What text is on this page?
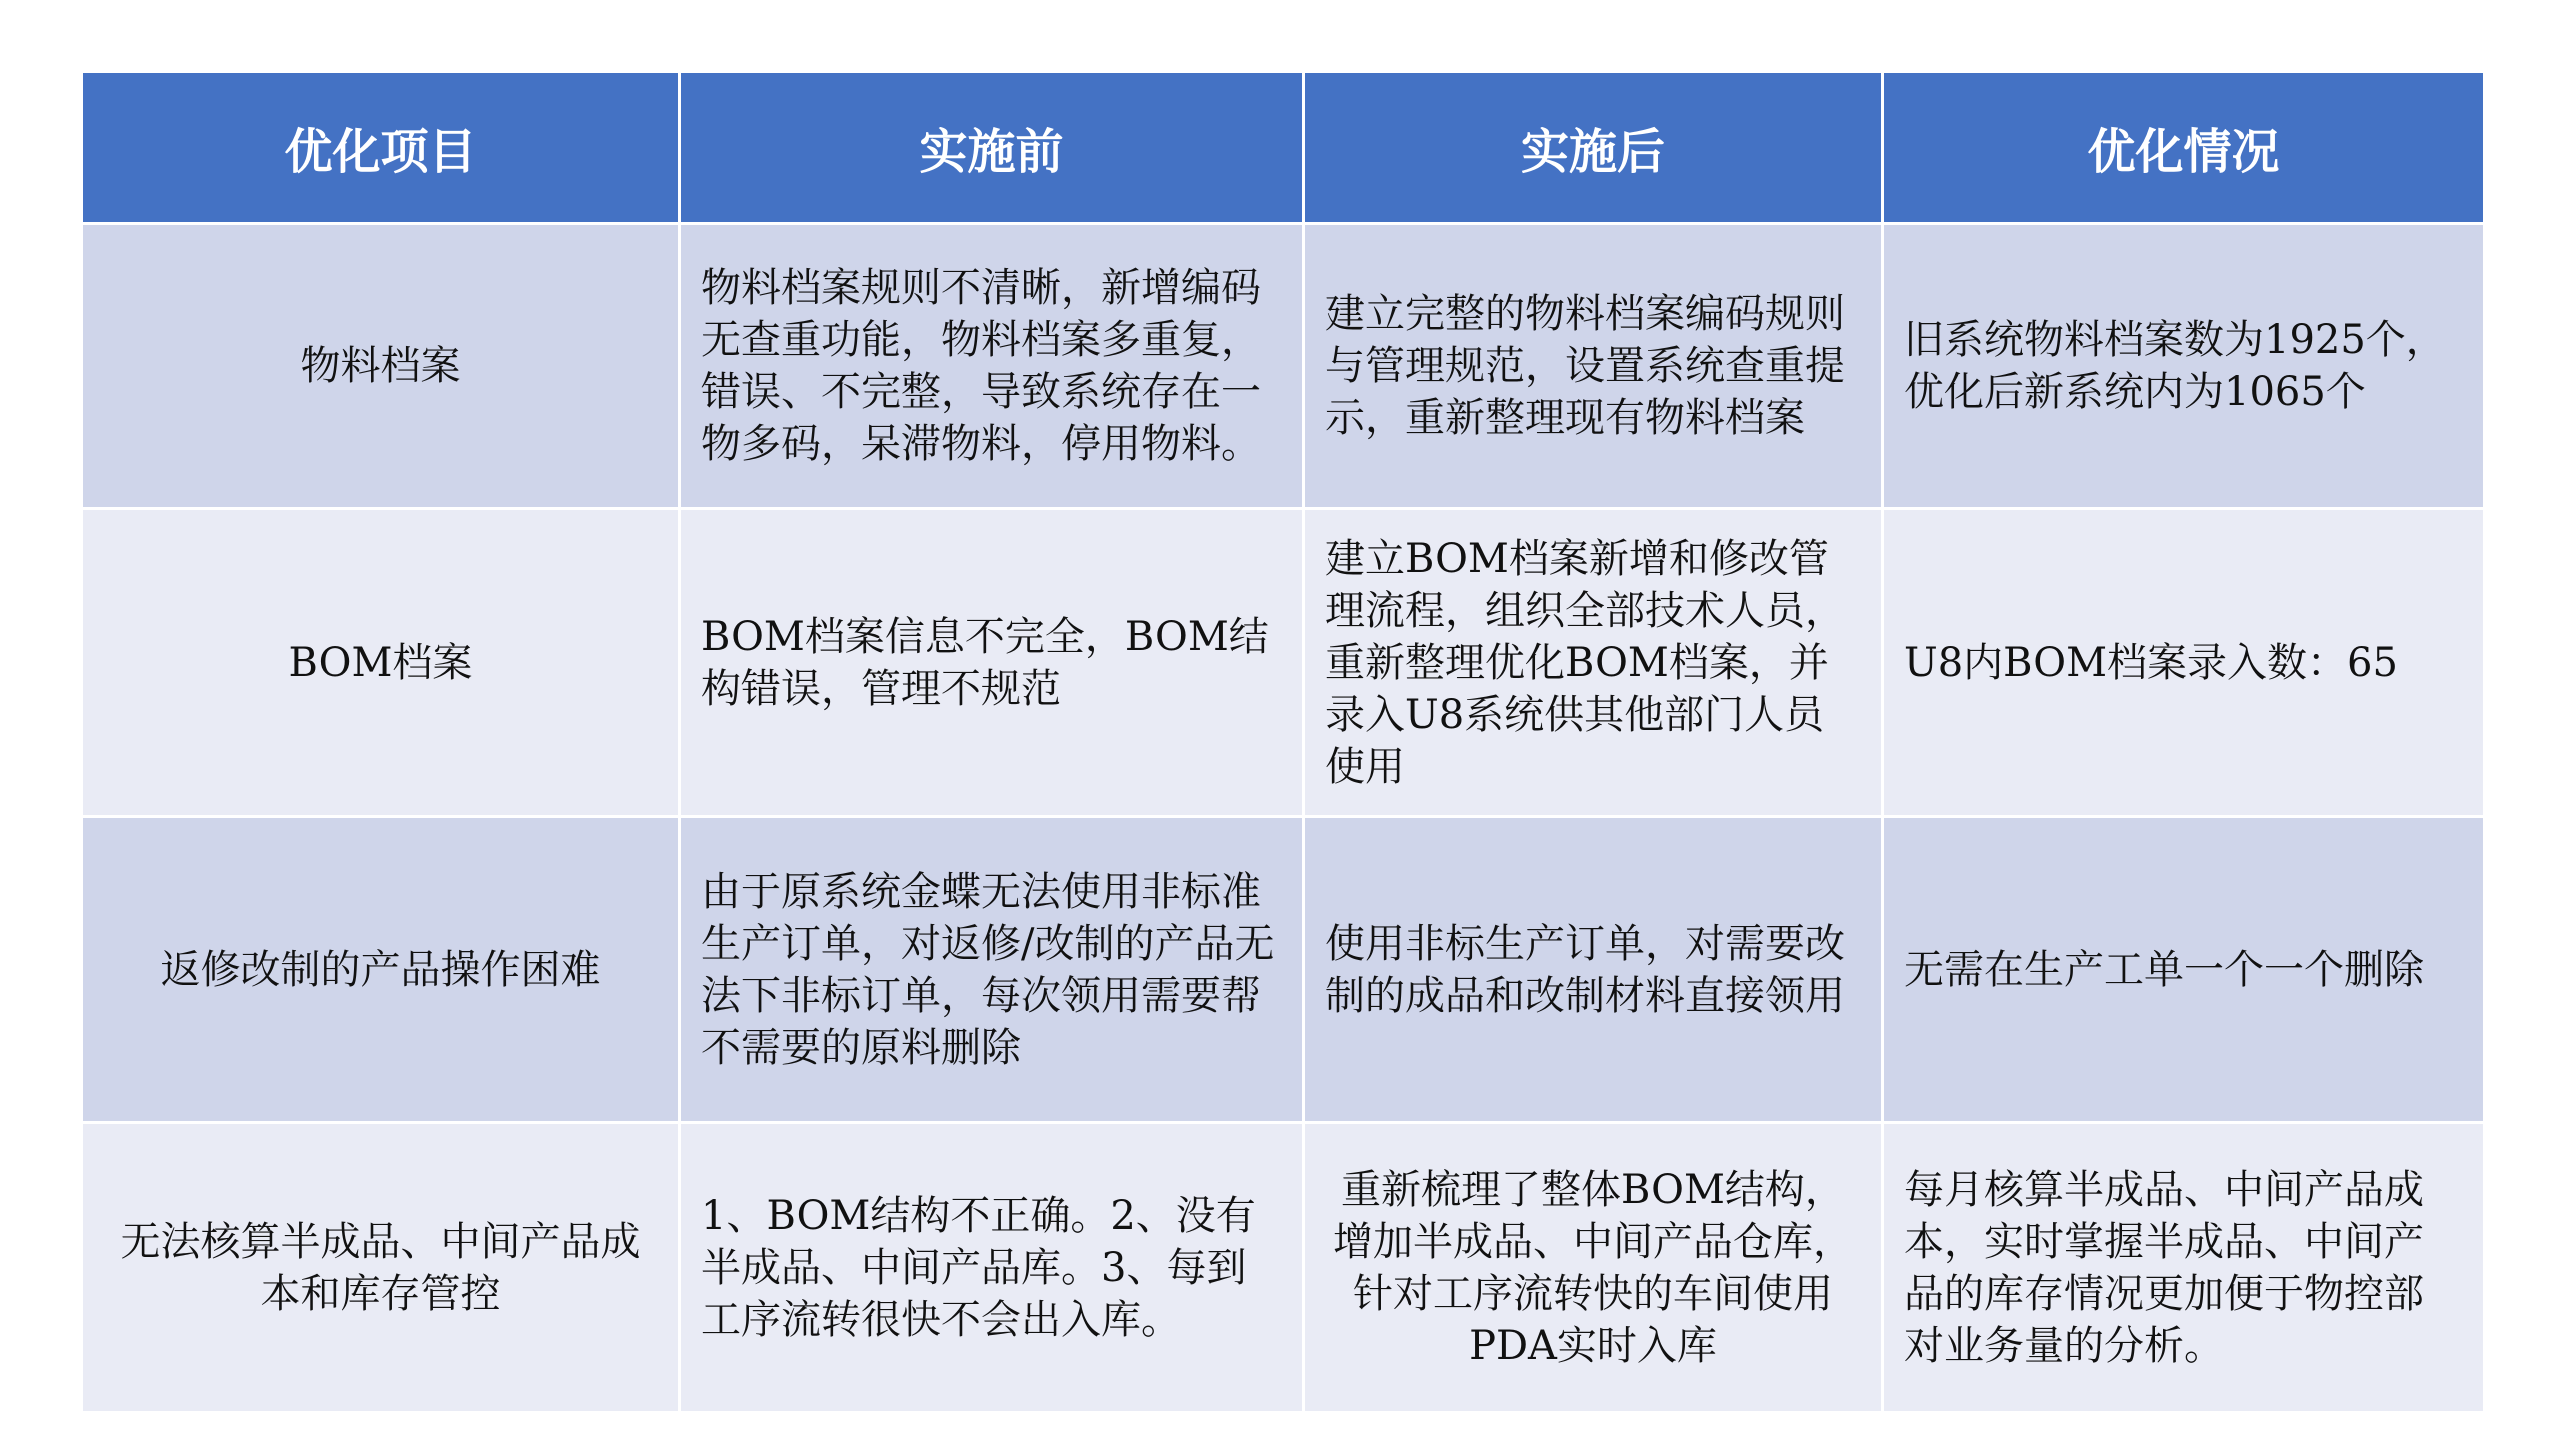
优化项目	实施前	实施后	优化情况
物料档案	物料档案规则不清晰，新增编码无查重功能，物料档案多重复，错误、不完整，导致系统存在一物多码，呆滞物料，停用物料。	建立完整的物料档案编码规则与管理规范，设置系统查重提示，重新整理现有物料档案	旧系统物料档案数为1925个，优化后新系统内为1065个
BOM档案	BOM档案信息不完全，BOM结构错误，管理不规范	建立BOM档案新增和修改管理流程，组织全部技术人员，重新整理优化BOM档案，并录入U8系统供其他部门人员使用	U8内BOM档案录入数：65
返修改制的产品操作困难	由于原系统金蝶无法使用非标准生产订单，对返修/改制的产品无法下非标订单，每次领用需要帮不需要的原料删除	使用非标生产订单，对需要改制的成品和改制材料直接领用	无需在生产工单一个一个删除
无法核算半成品、中间产品成本和库存管控	1、BOM结构不正确。2、没有半成品、中间产品库。3、每到工序流转很快不会出入库。	重新梳理了整体BOM结构，增加半成品、中间产品仓库，针对工序流转快的车间使用PDA实时入库	每月核算半成品、中间产品成本，实时掌握半成品、中间产品的库存情况更加便于物控部对业务量的分析。
